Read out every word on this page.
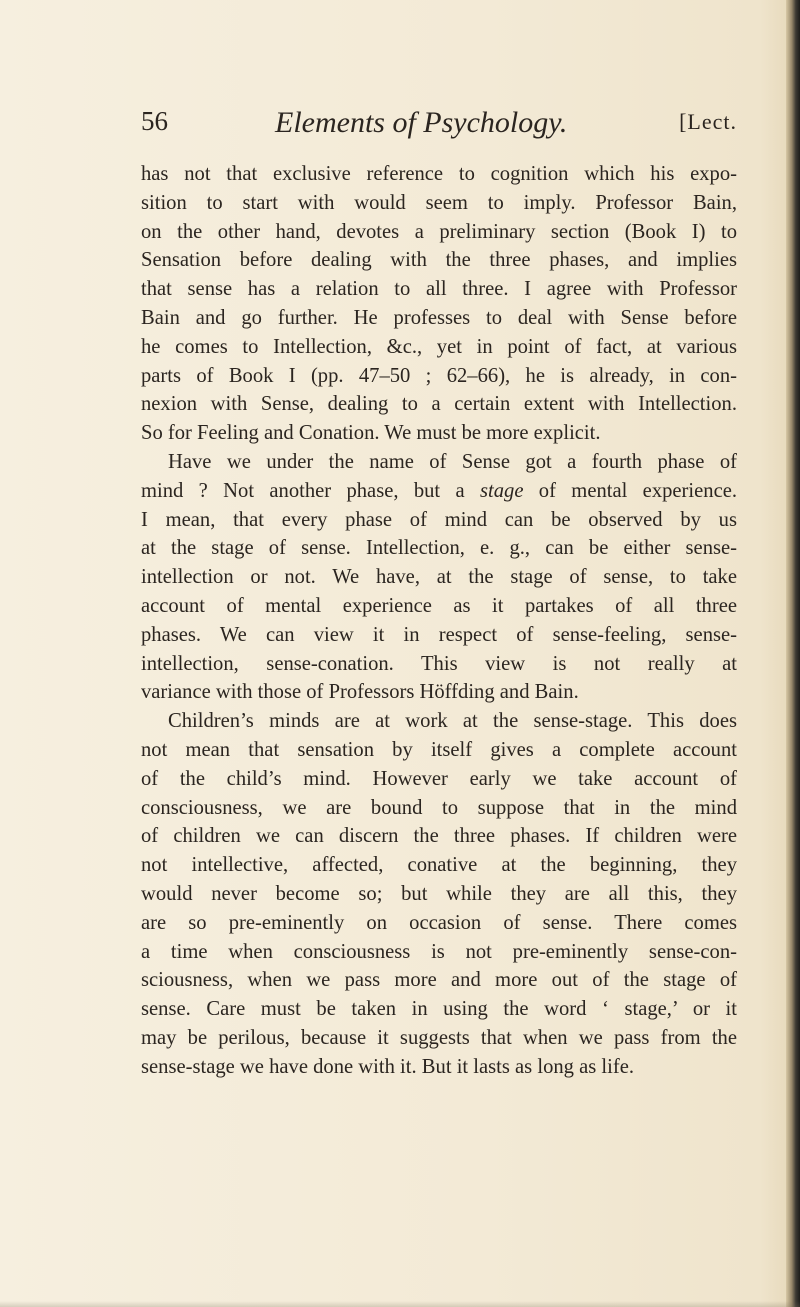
56	Elements of Psychology.	[Lect.

has not that exclusive reference to cognition which his expo-
sition to start with would seem to imply. Professor Bain,
on the other hand, devotes a preliminary section (Book I) to
Sensation before dealing with the three phases, and implies
that sense has a relation to all three. I agree with Professor
Bain and go further. He professes to deal with Sense before
he comes to Intellection, &c., yet in point of fact, at various
parts of Book I (pp. 47–50 ; 62–66), he is already, in con-
nexion with Sense, dealing to a certain extent with Intellection.
So for Feeling and Conation. We must be more explicit.

Have we under the name of Sense got a fourth phase of
mind ? Not another phase, but a stage of mental experience.
I mean, that every phase of mind can be observed by us
at the stage of sense. Intellection, e. g., can be either sense-
intellection or not. We have, at the stage of sense, to take
account of mental experience as it partakes of all three
phases. We can view it in respect of sense-feeling, sense-
intellection, sense-conation. This view is not really at
variance with those of Professors Höffding and Bain.

Children’s minds are at work at the sense-stage. This does
not mean that sensation by itself gives a complete account
of the child’s mind. However early we take account of
consciousness, we are bound to suppose that in the mind
of children we can discern the three phases. If children were
not intellective, affected, conative at the beginning, they
would never become so; but while they are all this, they
are so pre-eminently on occasion of sense. There comes
a time when consciousness is not pre-eminently sense-con-
sciousness, when we pass more and more out of the stage of
sense. Care must be taken in using the word ‘ stage,’ or it
may be perilous, because it suggests that when we pass from the
sense-stage we have done with it. But it lasts as long as life.
